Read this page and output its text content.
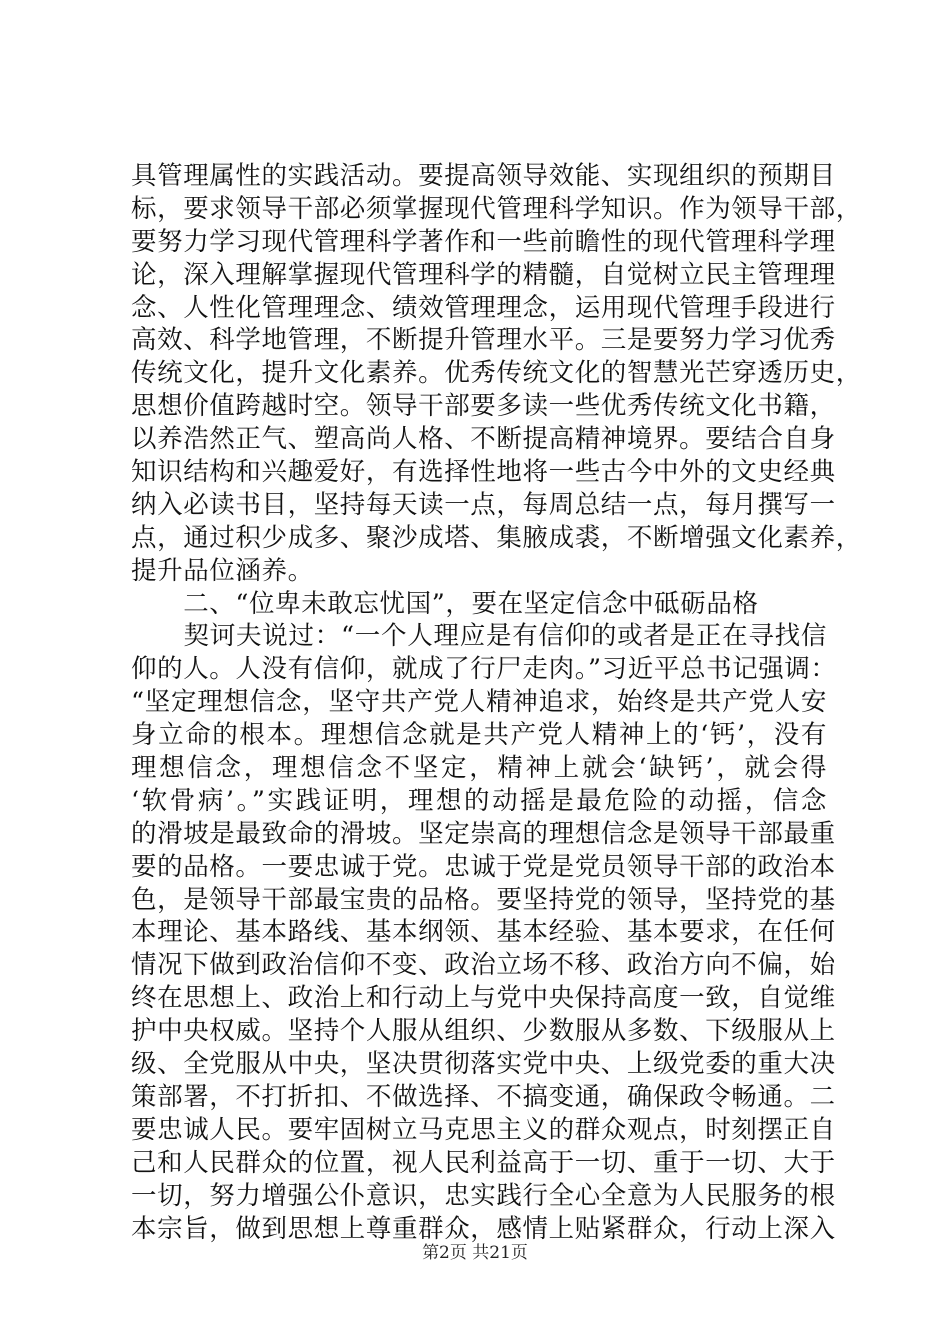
具管理属性的实践活动。要提高领导效能、实现组织的预期目
标，要求领导干部必须掌握现代管理科学知识。作为领导干部，
要努力学习现代管理科学著作和一些前瞻性的现代管理科学理
论，深入理解掌握现代管理科学的精髓，自觉树立民主管理理
念、人性化管理理念、绩效管理理念，运用现代管理手段进行
高效、科学地管理，不断提升管理水平。三是要努力学习优秀
传统文化，提升文化素养。优秀传统文化的智慧光芒穿透历史，
思想价值跨越时空。领导干部要多读一些优秀传统文化书籍，
以养浩然正气、塑高尚人格、不断提高精神境界。要结合自身
知识结构和兴趣爱好，有选择性地将一些古今中外的文史经典
纳入必读书目，坚持每天读一点，每周总结一点，每月撰写一
点，通过积少成多、聚沙成塔、集腋成裘，不断增强文化素养，
提升品位涵养。
　　二、“位卑未敢忘忧国”，要在坚定信念中砥砺品格
　　契诃夫说过：“一个人理应是有信仰的或者是正在寻找信
仰的人。人没有信仰，就成了行尸走肉。”习近平总书记强调：
“坚定理想信念，坚守共产党人精神追求，始终是共产党人安
身立命的根本。理想信念就是共产党人精神上的‘钙’，没有
理想信念，理想信念不坚定，精神上就会‘缺钙’，就会得
‘软骨病’。”实践证明，理想的动摇是最危险的动摇，信念
的滑坡是最致命的滑坡。坚定崇高的理想信念是领导干部最重
要的品格。一要忠诚于党。忠诚于党是党员领导干部的政治本
色，是领导干部最宝贵的品格。要坚持党的领导，坚持党的基
本理论、基本路线、基本纲领、基本经验、基本要求，在任何
情况下做到政治信仰不变、政治立场不移、政治方向不偏，始
终在思想上、政治上和行动上与党中央保持高度一致，自觉维
护中央权威。坚持个人服从组织、少数服从多数、下级服从上
级、全党服从中央，坚决贯彻落实党中央、上级党委的重大决
策部署，不打折扣、不做选择、不搞变通，确保政令畅通。二
要忠诚人民。要牢固树立马克思主义的群众观点，时刻摆正自
己和人民群众的位置，视人民利益高于一切、重于一切、大于
一切，努力增强公仆意识，忠实践行全心全意为人民服务的根
本宗旨，做到思想上尊重群众，感情上贴紧群众，行动上深入
第2页 共21页
